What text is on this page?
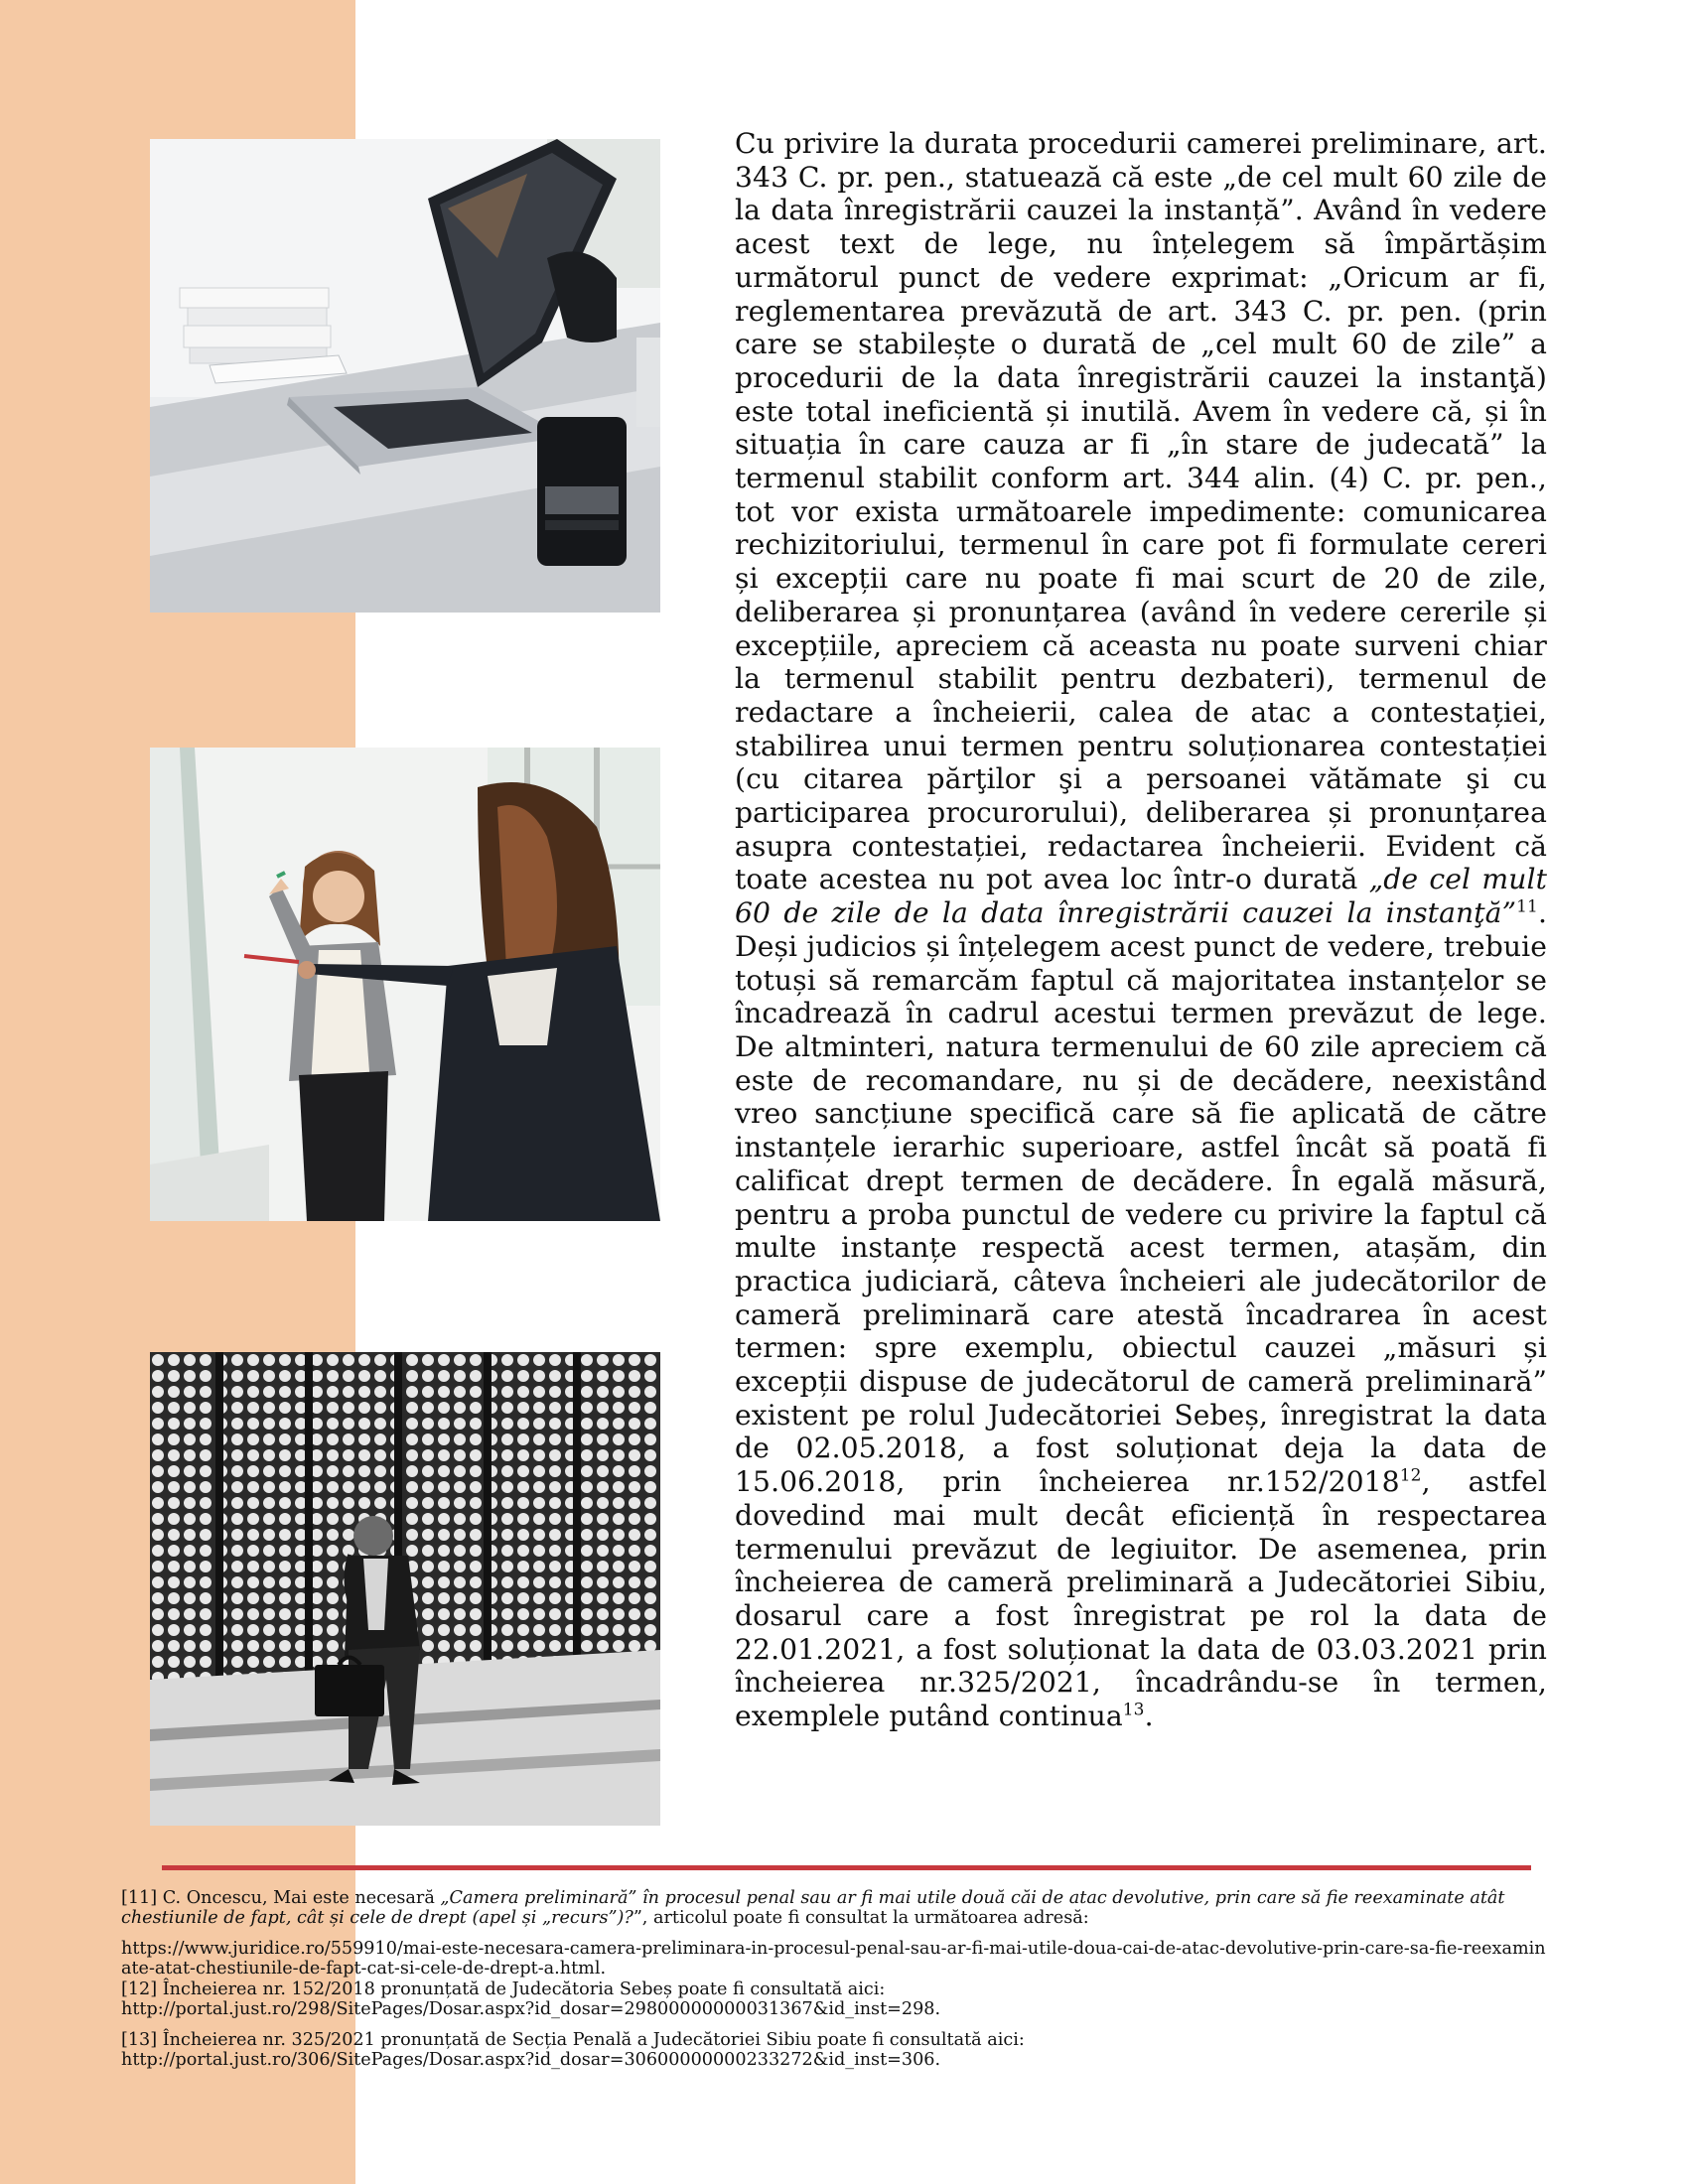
Cu privire la durata procedurii camerei preliminare, art. 343 C. pr. pen., statuează că este „de cel mult 60 zile de la data înregistrării cauzei la instanță”. Având în vedere acest text de lege, nu înțelegem să împărtășim următorul punct de vedere exprimat: „Oricum ar fi, reglementarea prevăzută de art. 343 C. pr. pen. (prin care se stabilește o durată de „cel mult 60 de zile” a procedurii de la data înregistrării cauzei la instanţă) este total ineficientă și inutilă. Avem în vedere că, și în situația în care cauza ar fi „în stare de judecată” la termenul stabilit conform art. 344 alin. (4) C. pr. pen., tot vor exista următoarele impedimente: comunicarea rechizitoriului, termenul în care pot fi formulate cereri și excepții care nu poate fi mai scurt de 20 de zile, deliberarea și pronunțarea (având în vedere cererile și excepțiile, apreciem că aceasta nu poate surveni chiar la termenul stabilit pentru dezbateri), termenul de redactare a încheierii, calea de atac a contestației, stabilirea unui termen pentru soluționarea contestației (cu citarea părţilor şi a persoanei vătămate şi cu participarea procurorului), deliberarea și pronunțarea asupra contestației, redactarea încheierii. Evident că toate acestea nu pot avea loc într-o durată „de cel mult 60 de zile de la data înregistrării cauzei la instanţă”$^{11}$. Deși judicios și înțelegem acest punct de vedere, trebuie totuși să remarcăm faptul că majoritatea instanțelor se încadrează în cadrul acestui termen prevăzut de lege. De altminteri, natura termenului de 60 zile apreciem că este de recomandare, nu și de decădere, neexistând vreo sancțiune specifică care să fie aplicată de către instanțele ierarhic superioare, astfel încât să poată fi calificat drept termen de decădere. În egală măsură, pentru a proba punctul de vedere cu privire la faptul că multe instanțe respectă acest termen, atașăm, din practica judiciară, câteva încheieri ale judecătorilor de cameră preliminară care atestă încadrarea în acest termen: spre exemplu, obiectul cauzei „măsuri și excepții dispuse de judecătorul de cameră preliminară” existent pe rolul Judecătoriei Sebeș, înregistrat la data de 02.05.2018, a fost soluționat deja la data de 15.06.2018, prin încheierea nr.152/2018$^{12}$, astfel dovedind mai mult decât eficiență în respectarea termenului prevăzut de legiuitor. De asemenea, prin încheierea de cameră preliminară a Judecătoriei Sibiu, dosarul care a fost înregistrat pe rol la data de 22.01.2021, a fost soluționat la data de 03.03.2021 prin încheierea nr.325/2021, încadrându-se în termen, exemplele putând continua$^{13}$.

[11] C. Oncescu, Mai este necesară „Camera preliminară” în procesul penal sau ar fi mai utile două căi de atac devolutive, prin care să fie reexaminate atât chestiunile de fapt, cât și cele de drept (apel și „recurs”)?”, articolul poate fi consultat la următoarea adresă:

https://www.juridice.ro/559910/mai-este-necesara-camera-preliminara-in-procesul-penal-sau-ar-fi-mai-utile-doua-cai-de-atac-devolutive-prin-care-sa-fie-reexaminate-atat-chestiunile-de-fapt-cat-si-cele-de-drept-a.html.

[12] Încheierea nr. 152/2018 pronunțată de Judecătoria Sebeș poate fi consultată aici:

http://portal.just.ro/298/SitePages/Dosar.aspx?id_dosar=29800000000031367&id_inst=298.

[13] Încheierea nr. 325/2021 pronunțată de Secția Penală a Judecătoriei Sibiu poate fi consultată aici:

http://portal.just.ro/306/SitePages/Dosar.aspx?id_dosar=30600000000233272&id_inst=306.
